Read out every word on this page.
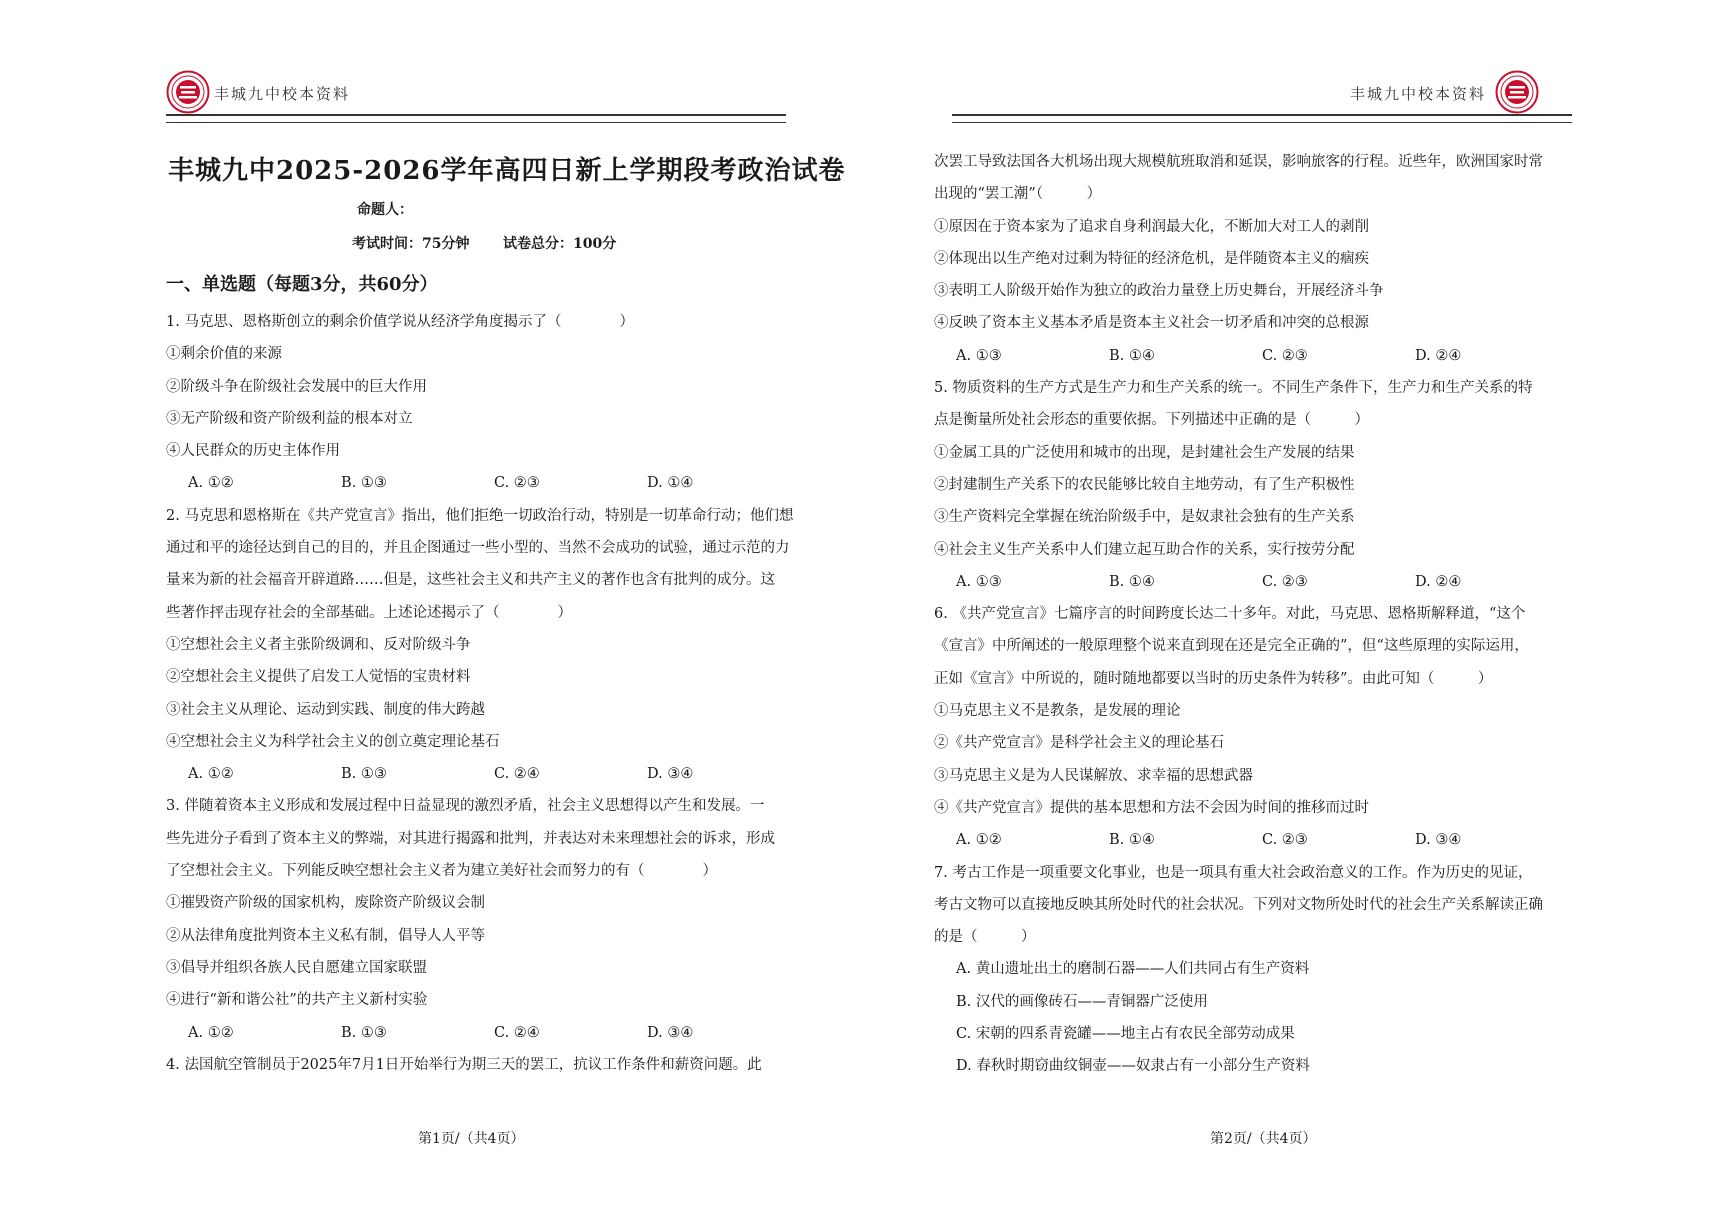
丰城九中校本资料
丰城九中2025-2026学年高四日新上学期段考政治试卷
命题人：
考试时间：75分钟 试卷总分：100分
一、单选题（每题3分，共60分）
1. 马克思、恩格斯创立的剩余价值学说从经济学角度揭示了（　　　　）
①剩余价值的来源
②阶级斗争在阶级社会发展中的巨大作用
③无产阶级和资产阶级利益的根本对立
④人民群众的历史主体作用
A. ①②	B. ①③	C. ②③	D. ①④
2. 马克思和恩格斯在《共产党宣言》指出，他们拒绝一切政治行动，特别是一切革命行动；他们想
通过和平的途径达到自己的目的，并且企图通过一些小型的、当然不会成功的试验，通过示范的力
量来为新的社会福音开辟道路……但是，这些社会主义和共产主义的著作也含有批判的成分。这
些著作抨击现存社会的全部基础。上述论述揭示了（　　　　）
①空想社会主义者主张阶级调和、反对阶级斗争
②空想社会主义提供了启发工人觉悟的宝贵材料
③社会主义从理论、运动到实践、制度的伟大跨越
④空想社会主义为科学社会主义的创立奠定理论基石
A. ①②	B. ①③	C. ②④	D. ③④
3. 伴随着资本主义形成和发展过程中日益显现的激烈矛盾，社会主义思想得以产生和发展。一
些先进分子看到了资本主义的弊端，对其进行揭露和批判，并表达对未来理想社会的诉求，形成
了空想社会主义。下列能反映空想社会主义者为建立美好社会而努力的有（　　　　）
①摧毁资产阶级的国家机构，废除资产阶级议会制
②从法律角度批判资本主义私有制，倡导人人平等
③倡导并组织各族人民自愿建立国家联盟
④进行“新和谐公社”的共产主义新村实验
A. ①②	B. ①③	C. ②④	D. ③④
4. 法国航空管制员于2025年7月1日开始举行为期三天的罢工，抗议工作条件和薪资问题。此
第1页/（共4页）
丰城九中校本资料
次罢工导致法国各大机场出现大规模航班取消和延误，影响旅客的行程。近些年，欧洲国家时常
出现的“罢工潮”（　　　）
①原因在于资本家为了追求自身利润最大化，不断加大对工人的剥削
②体现出以生产绝对过剩为特征的经济危机，是伴随资本主义的痼疾
③表明工人阶级开始作为独立的政治力量登上历史舞台，开展经济斗争
④反映了资本主义基本矛盾是资本主义社会一切矛盾和冲突的总根源
A. ①③	B. ①④	C. ②③	D. ②④
5. 物质资料的生产方式是生产力和生产关系的统一。不同生产条件下，生产力和生产关系的特
点是衡量所处社会形态的重要依据。下列描述中正确的是（　　　）
①金属工具的广泛使用和城市的出现，是封建社会生产发展的结果
②封建制生产关系下的农民能够比较自主地劳动，有了生产积极性
③生产资料完全掌握在统治阶级手中，是奴隶社会独有的生产关系
④社会主义生产关系中人们建立起互助合作的关系，实行按劳分配
A. ①③	B. ①④	C. ②③	D. ②④
6. 《共产党宣言》七篇序言的时间跨度长达二十多年。对此，马克思、恩格斯解释道，“这个
《宣言》中所阐述的一般原理整个说来直到现在还是完全正确的”，但“这些原理的实际运用，
正如《宣言》中所说的，随时随地都要以当时的历史条件为转移”。由此可知（　　　）
①马克思主义不是教条，是发展的理论
②《共产党宣言》是科学社会主义的理论基石
③马克思主义是为人民谋解放、求幸福的思想武器
④《共产党宣言》提供的基本思想和方法不会因为时间的推移而过时
A. ①②	B. ①④	C. ②③	D. ③④
7. 考古工作是一项重要文化事业，也是一项具有重大社会政治意义的工作。作为历史的见证，
考古文物可以直接地反映其所处时代的社会状况。下列对文物所处时代的社会生产关系解读正确
的是（　　　）
A. 黄山遗址出土的磨制石器——人们共同占有生产资料
B. 汉代的画像砖石——青铜器广泛使用
C. 宋朝的四系青瓷罐——地主占有农民全部劳动成果
D. 春秋时期窃曲纹铜壶——奴隶占有一小部分生产资料
第2页/（共4页）
